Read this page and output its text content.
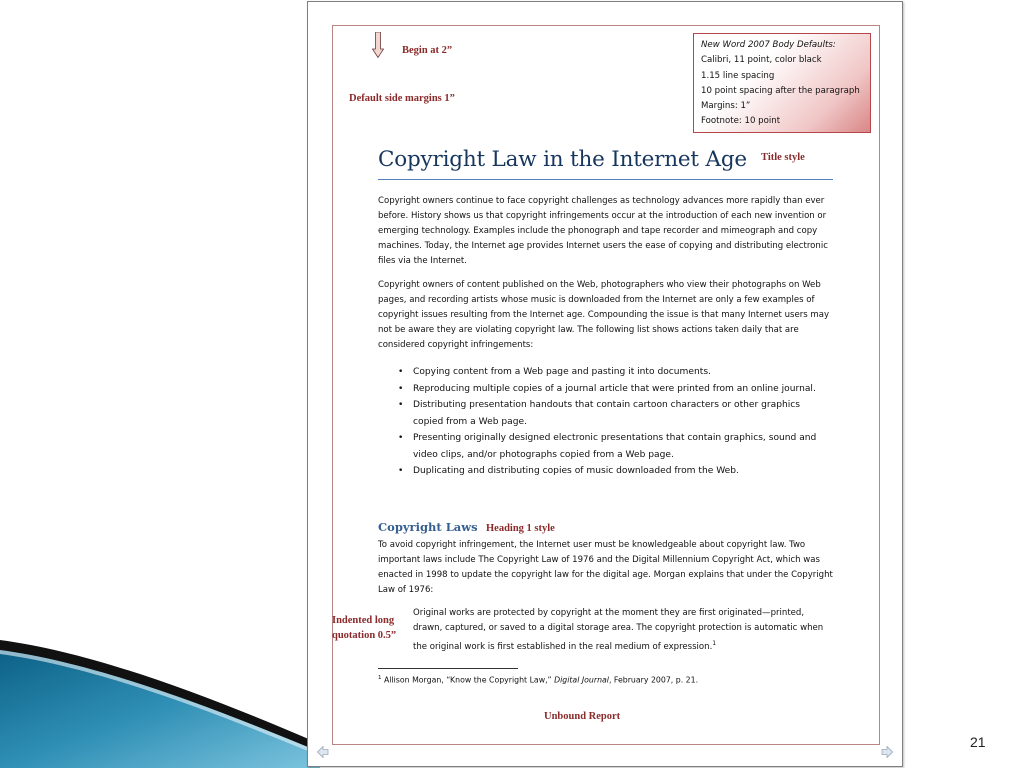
21
Begin at 2”
Default side margins 1”
New Word 2007 Body Defaults:
Calibri, 11 point, color black
1.15 line spacing
10 point spacing after the paragraph
Margins: 1”
Footnote: 10 point
Title style
Heading 1 style
Indented long
quotation 0.5”
Unbound Report
Copyright Law in the Internet Age
Copyright owners continue to face copyright challenges as technology advances more rapidly than ever before. History shows us that copyright infringements occur at the introduction of each new invention or emerging technology. Examples include the phonograph and tape recorder and mimeograph and copy machines. Today, the Internet age provides Internet users the ease of copying and distributing electronic files via the Internet.
Copyright owners of content published on the Web, photographers who view their photographs on Web pages, and recording artists whose music is downloaded from the Internet are only a few examples of copyright issues resulting from the Internet age. Compounding the issue is that many Internet users may not be aware they are violating copyright law. The following list shows actions taken daily that are considered copyright infringements:
• Copying content from a Web page and pasting it into documents.
• Reproducing multiple copies of a journal article that were printed from an online journal.
• Distributing presentation handouts that contain cartoon characters or other graphics copied from a Web page.
• Presenting originally designed electronic presentations that contain graphics, sound and video clips, and/or photographs copied from a Web page.
• Duplicating and distributing copies of music downloaded from the Web.
Copyright Laws
To avoid copyright infringement, the Internet user must be knowledgeable about copyright law. Two important laws include The Copyright Law of 1976 and the Digital Millennium Copyright Act, which was enacted in 1998 to update the copyright law for the digital age. Morgan explains that under the Copyright Law of 1976:
Original works are protected by copyright at the moment they are first originated—printed, drawn, captured, or saved to a digital storage area. The copyright protection is automatic when the original work is first established in the real medium of expression.$^1$
$^1$ Allison Morgan, “Know the Copyright Law,” Digital Journal, February 2007, p. 21.
